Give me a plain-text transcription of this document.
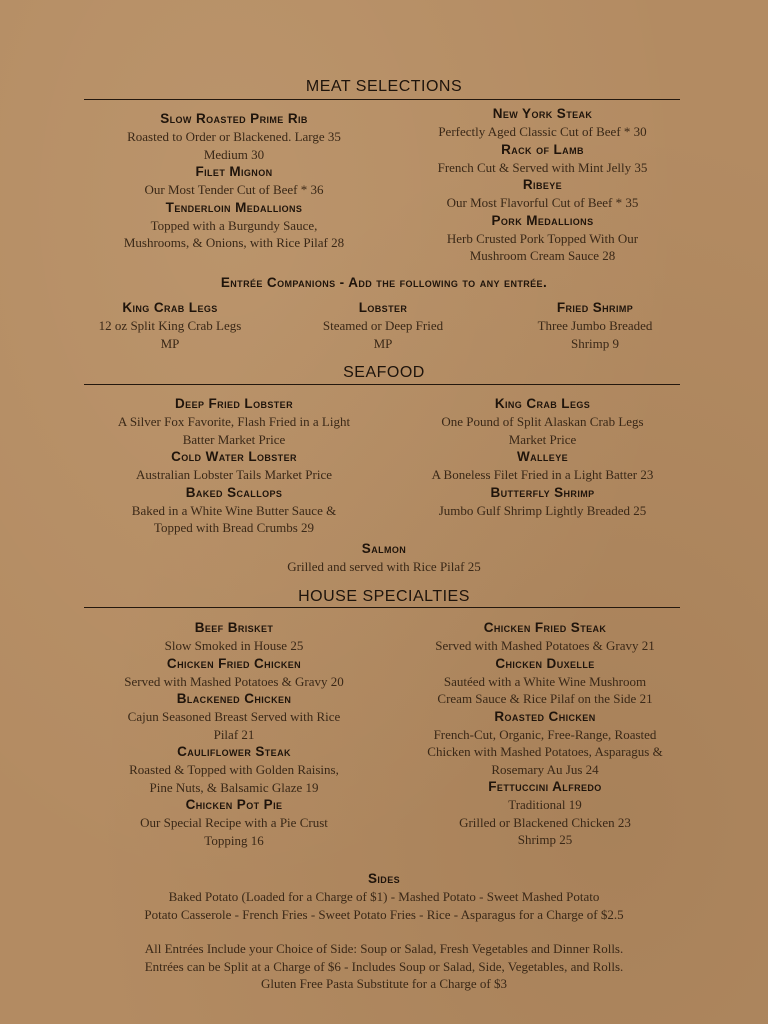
MEAT SELECTIONS

Slow Roasted Prime Rib

Roasted to Order or Blackened. Large 35

Medium 30

Filet Mignon

Our Most Tender Cut of Beef * 36

Tenderloin Medallions

Topped with a Burgundy Sauce,

Mushrooms, & Onions, with Rice Pilaf 28

New York Steak

Perfectly Aged Classic Cut of Beef * 30

Rack of Lamb

French Cut & Served with Mint Jelly 35

Ribeye

Our Most Flavorful Cut of Beef * 35

Pork Medallions

Herb Crusted Pork Topped With Our

Mushroom Cream Sauce 28

Entrée Companions - Add the following to any entrée.

King Crab Legs

12 oz Split King Crab Legs

MP

Lobster

Steamed or Deep Fried

MP

Fried Shrimp

Three Jumbo Breaded

Shrimp 9

SEAFOOD

Deep Fried Lobster

A Silver Fox Favorite, Flash Fried in a Light

Batter Market Price

Cold Water Lobster

Australian Lobster Tails Market Price

Baked Scallops

Baked in a White Wine Butter Sauce &

Topped with Bread Crumbs 29

King Crab Legs

One Pound of Split Alaskan Crab Legs

Market Price

Walleye

A Boneless Filet Fried in a Light Batter 23

Butterfly Shrimp

Jumbo Gulf Shrimp Lightly Breaded 25

Salmon

Grilled and served with Rice Pilaf 25

HOUSE SPECIALTIES

Beef Brisket

Slow Smoked in House 25

Chicken Fried Chicken

Served with Mashed Potatoes & Gravy 20

Blackened Chicken

Cajun Seasoned Breast Served with Rice

Pilaf 21

Cauliflower Steak

Roasted & Topped with Golden Raisins,

Pine Nuts, & Balsamic Glaze 19

Chicken Pot Pie

Our Special Recipe with a Pie Crust

Topping 16

Chicken Fried Steak

Served with Mashed Potatoes & Gravy 21

Chicken Duxelle

Sautéed with a White Wine Mushroom

Cream Sauce & Rice Pilaf on the Side 21

Roasted Chicken

French-Cut, Organic, Free-Range, Roasted

Chicken with Mashed Potatoes, Asparagus &

Rosemary Au Jus 24

Fettuccini Alfredo

Traditional 19

Grilled or Blackened Chicken 23

Shrimp 25

Sides

Baked Potato (Loaded for a Charge of $1) - Mashed Potato - Sweet Mashed Potato

Potato Casserole - French Fries - Sweet Potato Fries - Rice - Asparagus for a Charge of $2.5

All Entrées Include your Choice of Side: Soup or Salad, Fresh Vegetables and Dinner Rolls.

Entrées can be Split at a Charge of $6 - Includes Soup or Salad, Side, Vegetables, and Rolls.

Gluten Free Pasta Substitute for a Charge of $3
